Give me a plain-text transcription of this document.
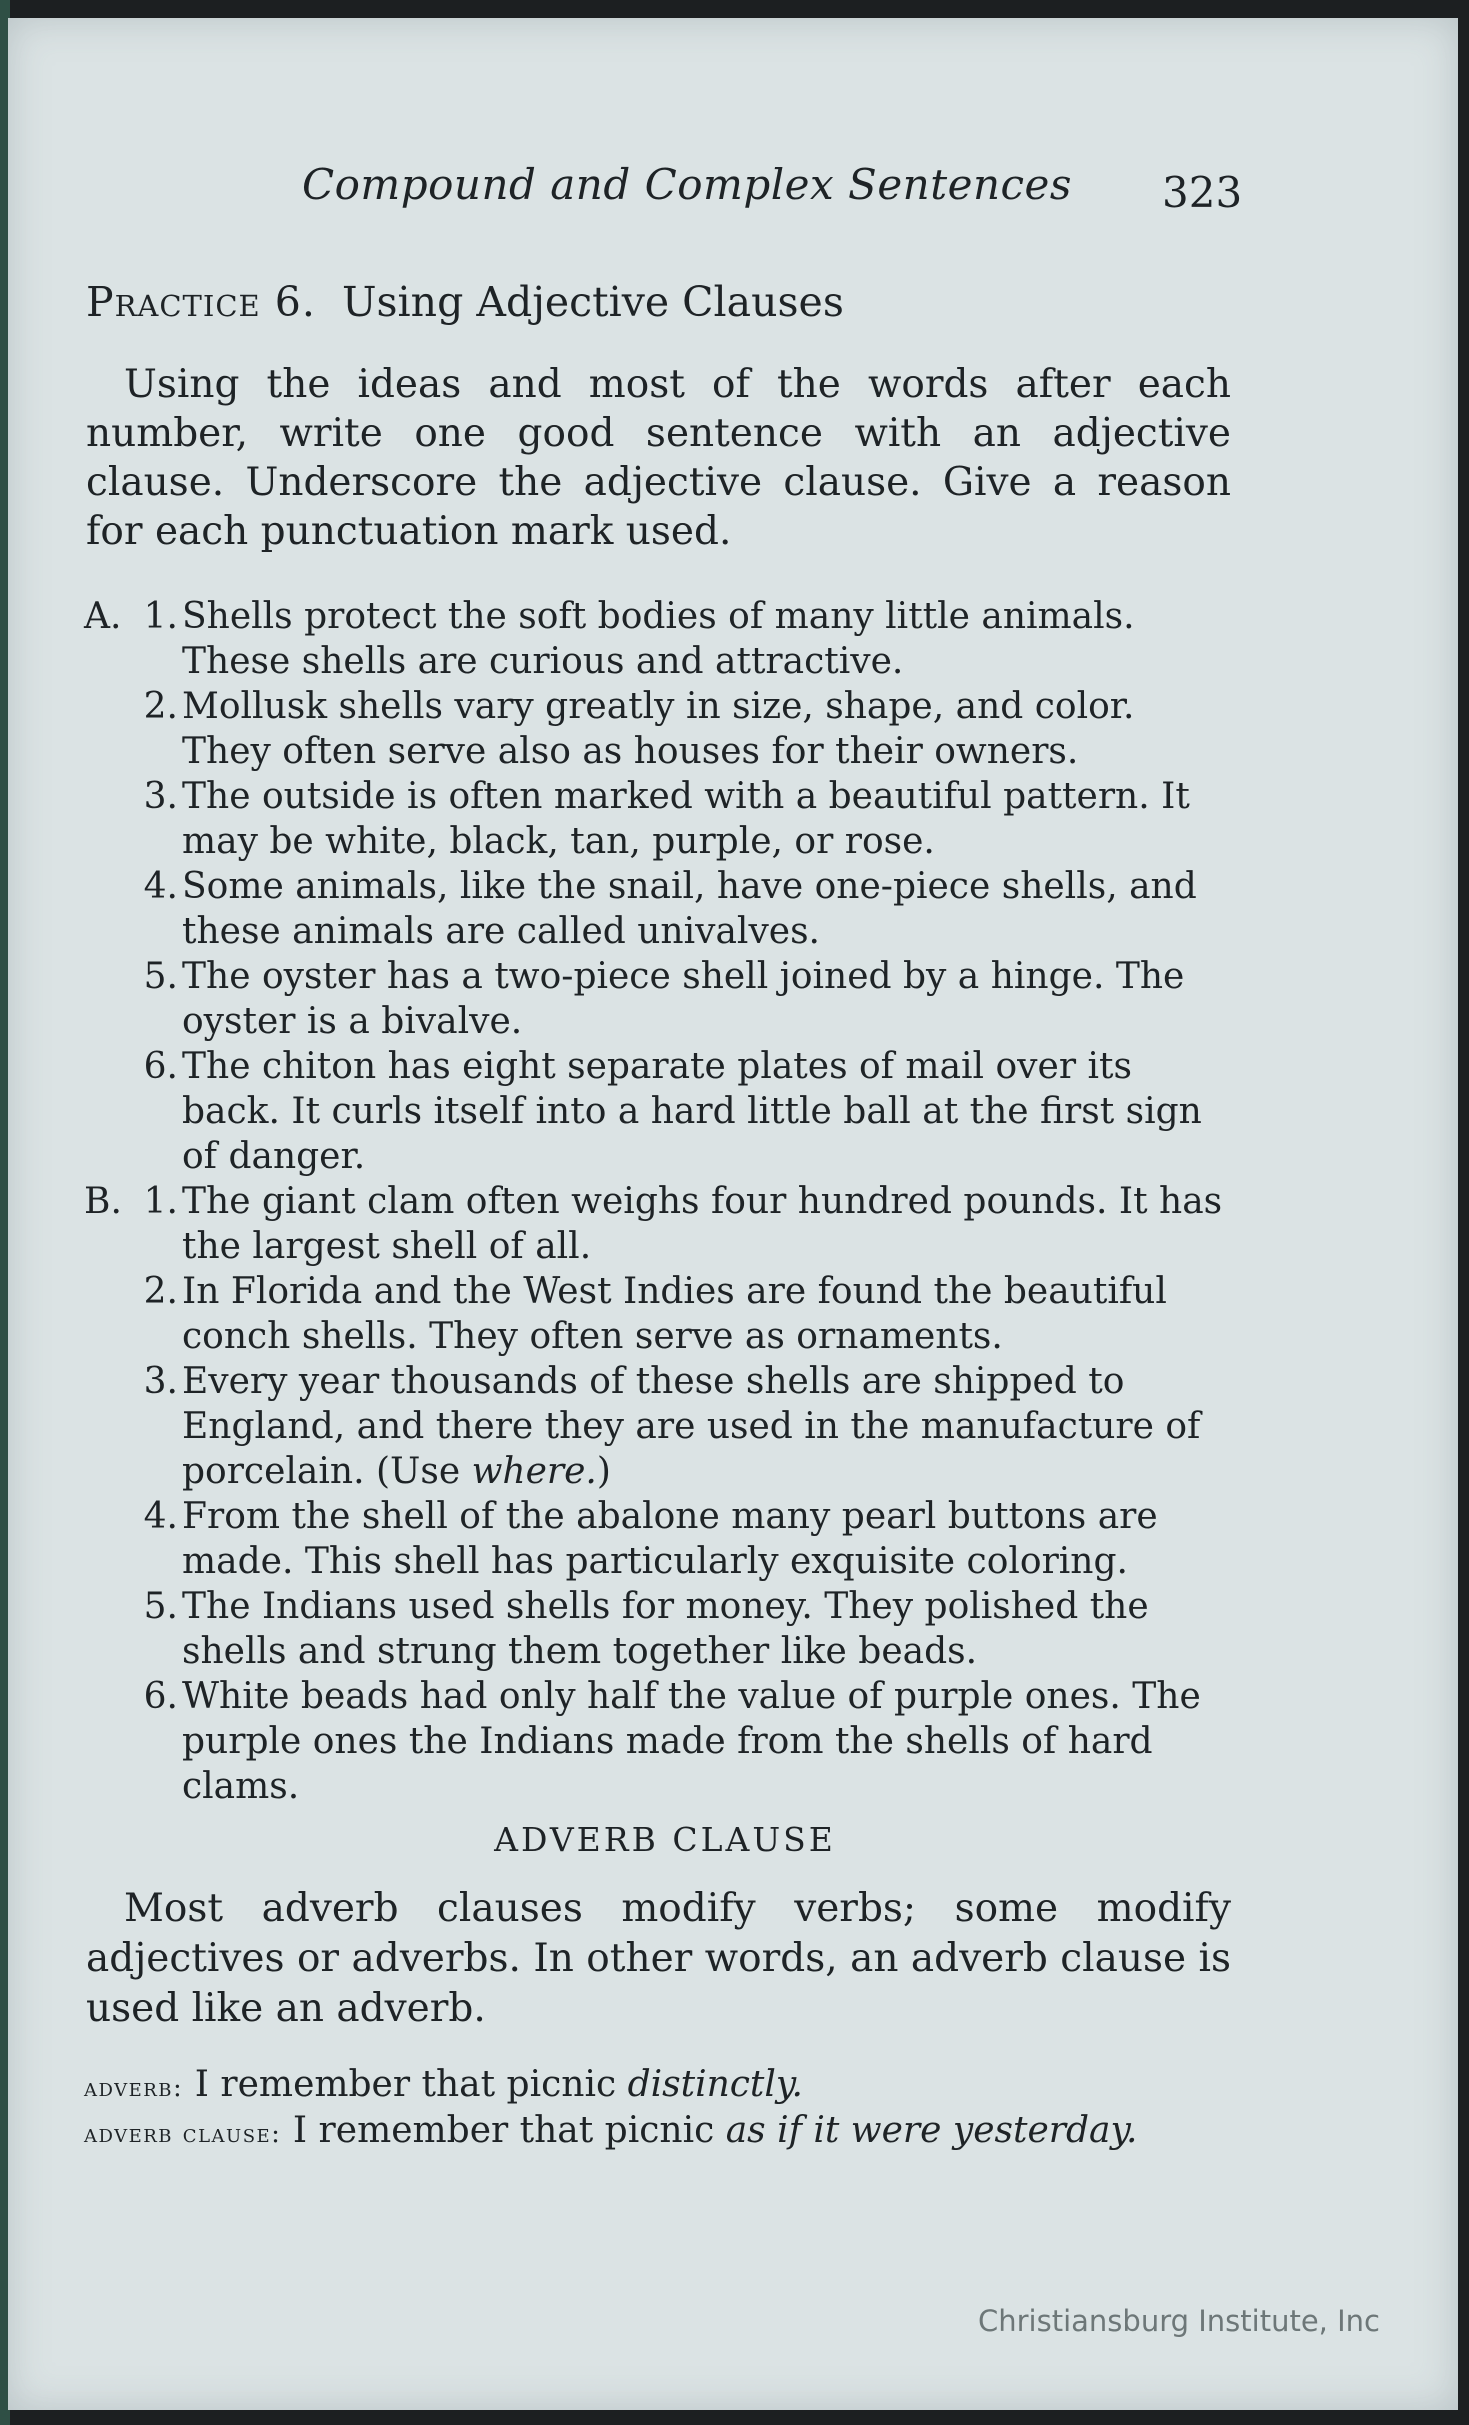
Compound and Complex Sentences 323
Practice 6. Using Adjective Clauses
Using the ideas and most of the words after each number, write one good sentence with an adjective clause. Underscore the adjective clause. Give a reason for each punctuation mark used.
A. 1. Shells protect the soft bodies of many little animals. These shells are curious and attractive.
2. Mollusk shells vary greatly in size, shape, and color. They often serve also as houses for their owners.
3. The outside is often marked with a beautiful pattern. It may be white, black, tan, purple, or rose.
4. Some animals, like the snail, have one-piece shells, and these animals are called univalves.
5. The oyster has a two-piece shell joined by a hinge. The oyster is a bivalve.
6. The chiton has eight separate plates of mail over its back. It curls itself into a hard little ball at the first sign of danger.
B. 1. The giant clam often weighs four hundred pounds. It has the largest shell of all.
2. In Florida and the West Indies are found the beautiful conch shells. They often serve as ornaments.
3. Every year thousands of these shells are shipped to England, and there they are used in the manufacture of porcelain. (Use where.)
4. From the shell of the abalone many pearl buttons are made. This shell has particularly exquisite coloring.
5. The Indians used shells for money. They polished the shells and strung them together like beads.
6. White beads had only half the value of purple ones. The purple ones the Indians made from the shells of hard clams.
ADVERB CLAUSE
Most adverb clauses modify verbs; some modify adjectives or adverbs. In other words, an adverb clause is used like an adverb.
adverb: I remember that picnic distinctly.
adverb clause: I remember that picnic as if it were yesterday.
Christiansburg Institute, Inc
